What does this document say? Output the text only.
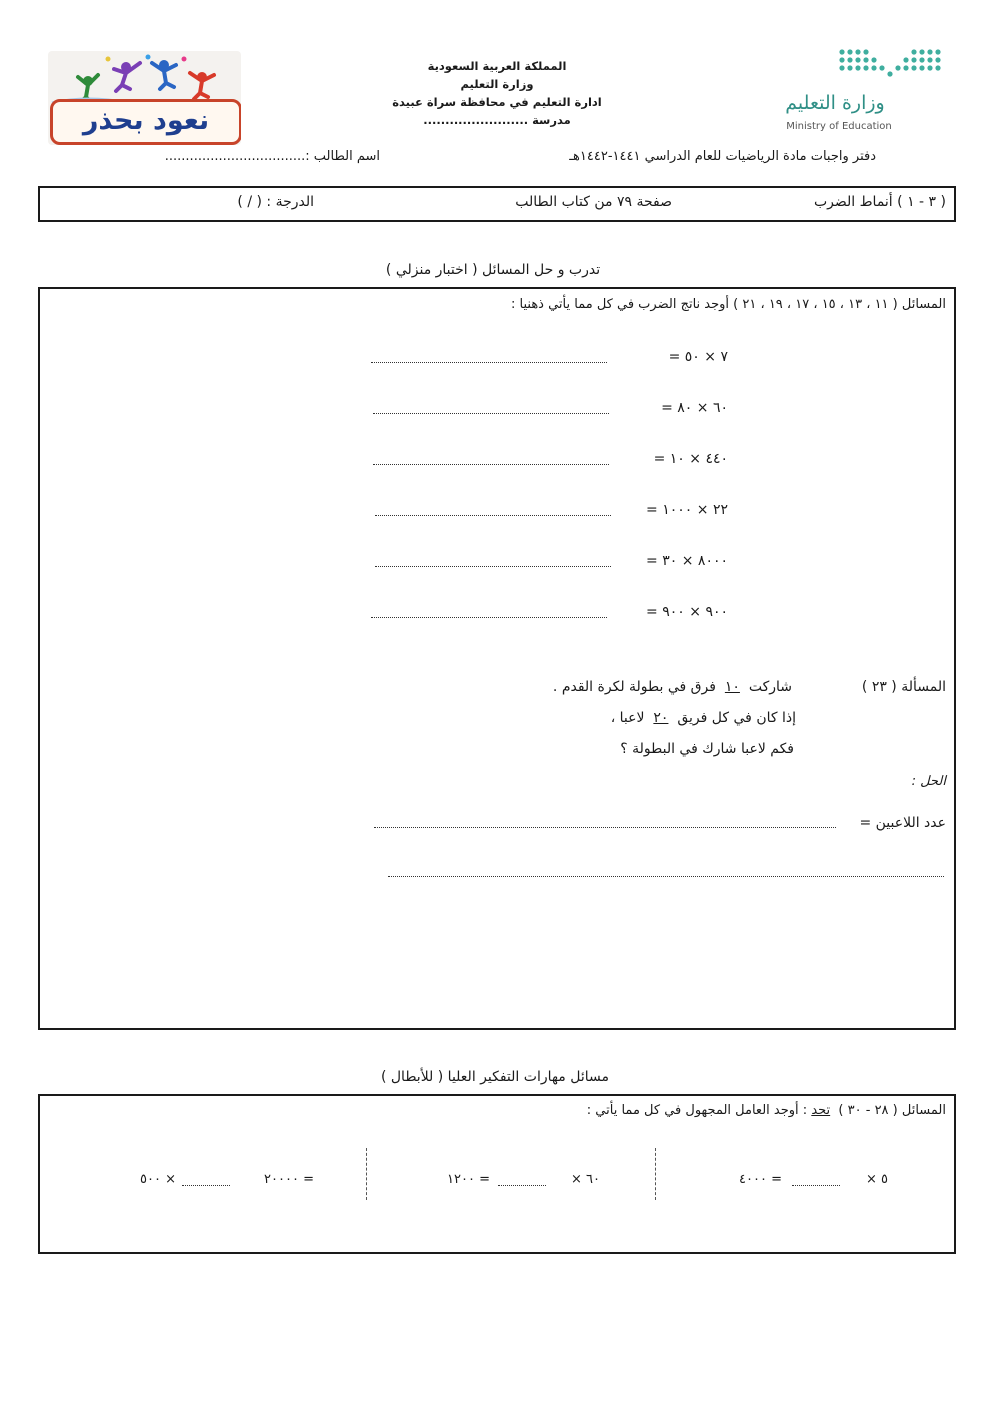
نعود بحذر
وزارة التعليم
Ministry of Education
المملكة العربية السعودية
وزارة التعليم
ادارة التعليم في محافظة سراة عبيدة
مدرسة ........................
دفتر واجبات مادة الرياضيات للعام الدراسي ١٤٤١-١٤٤٢هـ
اسم الطالب :..................................
( ٣ - ١ ) أنماط الضرب
صفحة ٧٩ من كتاب الطالب
الدرجة : ( / )
تدرب و حل المسائل ( اختبار منزلي )
المسائل ( ١١ ، ١٣ ، ١٥ ، ١٧ ، ١٩ ، ٢١ ) أوجد ناتج الضرب في كل مما يأتي ذهنيا :
٧ × ٥٠ =
٦٠ × ٨٠ =
٤٤٠ × ١٠ =
٢٢ × ١٠٠٠ =
٨٠٠٠ × ٣٠ =
٩٠٠ × ٩٠٠ =
المسألة ( ٢٣ )
شاركت  ١٠  فرق في بطولة لكرة القدم .
إذا كان في كل فريق  ٢٠  لاعبا ،
فكم لاعبا شارك في البطولة ؟
الحل :
عدد اللاعبين =
مسائل مهارات التفكير العليا ( للأبطال )
المسائل ( ٢٨ - ٣٠ )  تحد : أوجد العامل المجهول في كل مما يأتي :
٥ ×
= ٤٠٠٠
٦٠ ×
= ١٢٠٠
= ٢٠٠٠٠
× ٥٠٠
